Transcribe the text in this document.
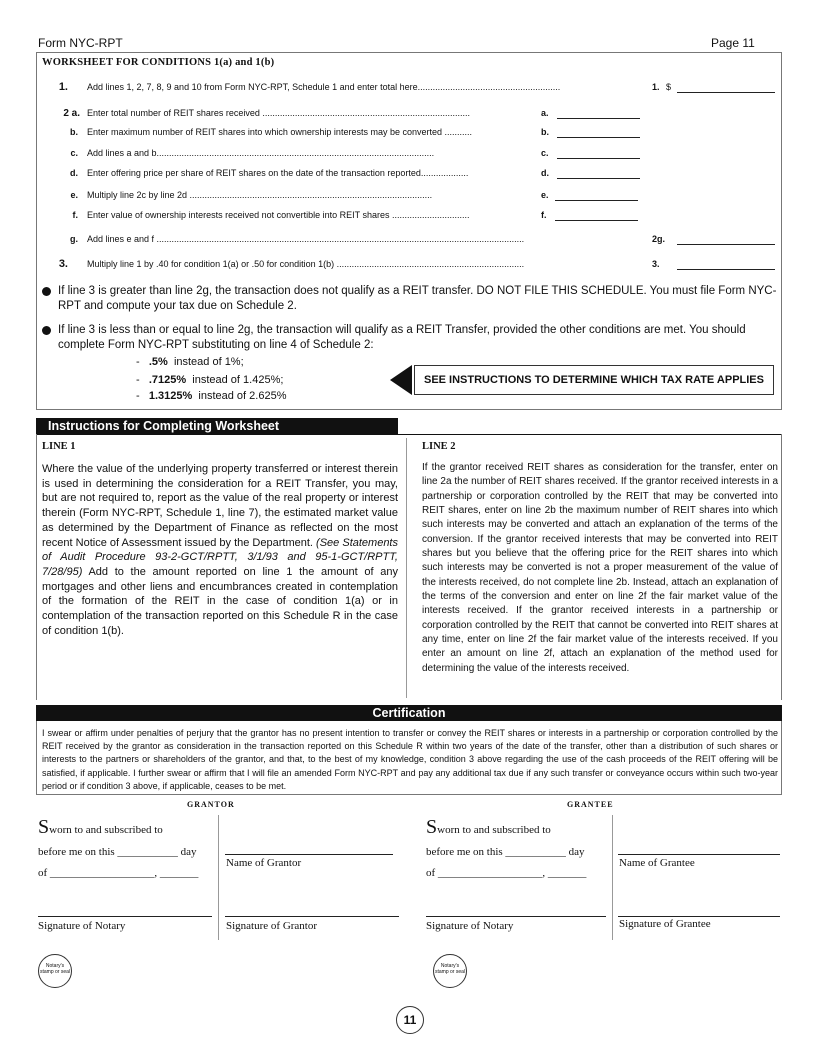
Form NYC-RPT	Page 11
WORKSHEET FOR CONDITIONS 1(a) and 1(b)
1. Add lines 1, 2, 7, 8, 9 and 10 from Form NYC-RPT, Schedule 1 and enter total here.........................................................	1. $
2 a. Enter total number of REIT shares received ...................................................................................	a.
b. Enter maximum number of REIT shares into which ownership interests may be converted ...........	b.
c. Add lines a and b...............................................................................................................	c.
d. Enter offering price per share of REIT shares on the date of the transaction reported...................	d.
e. Multiply line 2c by line 2d .................................................................................................	e.
f. Enter value of ownership interests received not convertible into REIT shares ...............................	f.
g. Add lines e and f ...................................................................................................................................................	2g.
3. Multiply line 1 by .40 for condition 1(a) or .50 for condition 1(b) ...........................................................................	3.
If line 3 is greater than line 2g, the transaction does not qualify as a REIT transfer. DO NOT FILE THIS SCHEDULE. You must file Form NYC-RPT and compute your tax due on Schedule 2.
If line 3 is less than or equal to line 2g, the transaction will qualify as a REIT Transfer, provided the other conditions are met. You should complete Form NYC-RPT substituting on line 4 of Schedule 2:
- .5% instead of 1%;
- .7125% instead of 1.425%;
- 1.3125% instead of 2.625%
SEE INSTRUCTIONS TO DETERMINE WHICH TAX RATE APPLIES
Instructions for Completing Worksheet
LINE 1
Where the value of the underlying property transferred or interest therein is used in determining the consideration for a REIT Transfer, you may, but are not required to, report as the value of the real property or interest therein (Form NYC-RPT, Schedule 1, line 7), the estimated market value as determined by the Department of Finance as reflected on the most recent Notice of Assessment issued by the Department. (See Statements of Audit Procedure 93-2-GCT/RPTT, 3/1/93 and 95-1-GCT/RPTT, 7/28/95) Add to the amount reported on line 1 the amount of any mortgages and other liens and encumbrances created in contemplation of the formation of the REIT in the case of condition 1(a) or in contemplation of the transaction reported on this Schedule R in the case of condition 1(b).
LINE 2
If the grantor received REIT shares as consideration for the transfer, enter on line 2a the number of REIT shares received. If the grantor received interests in a partnership or corporation controlled by the REIT that may be converted into REIT shares, enter on line 2b the maximum number of REIT shares into which such interests may be converted and attach an explanation of the terms of the conversion. If the grantor received interests that may be converted into REIT shares but you believe that the offering price for the REIT shares into which such interests may be converted is not a proper measurement of the value of the interests received, do not complete line 2b. Instead, attach an explanation of the terms of the conversion and enter on line 2f the fair market value of the interests received. If the grantor received interests in a partnership or corporation controlled by the REIT that cannot be converted into REIT shares at any time, enter on line 2f the fair market value of the interests received. If you enter an amount on line 2f, attach an explanation of the method used for determining the value of the interests received.
Certification
I swear or affirm under penalties of perjury that the grantor has no present intention to transfer or convey the REIT shares or interests in a partnership or corporation controlled by the REIT received by the grantor as consideration in the transaction reported on this Schedule R within two years of the date of the transfer, other than a distribution of such shares or interests to the partners or shareholders of the grantor, and that, to the best of my knowledge, condition 3 above regarding the use of the cash proceeds of the REIT offering will be satisfied, if applicable. I further swear or affirm that I will file an amended Form NYC-RPT and pay any additional tax due if any such transfer or conveyance occurs within such two-year period or if condition 3 above, if applicable, ceases to be met.
GRANTOR
Sworn to and subscribed to
before me on this ___________ day
of ___________________, _______
Name of Grantor
Signature of Notary	Signature of Grantor
Notary's stamp or seal
GRANTEE
Sworn to and subscribed to
before me on this ___________ day
of ___________________, _______
Name of Grantee
Signature of Notary	Signature of Grantee
Notary's stamp or seal
11
